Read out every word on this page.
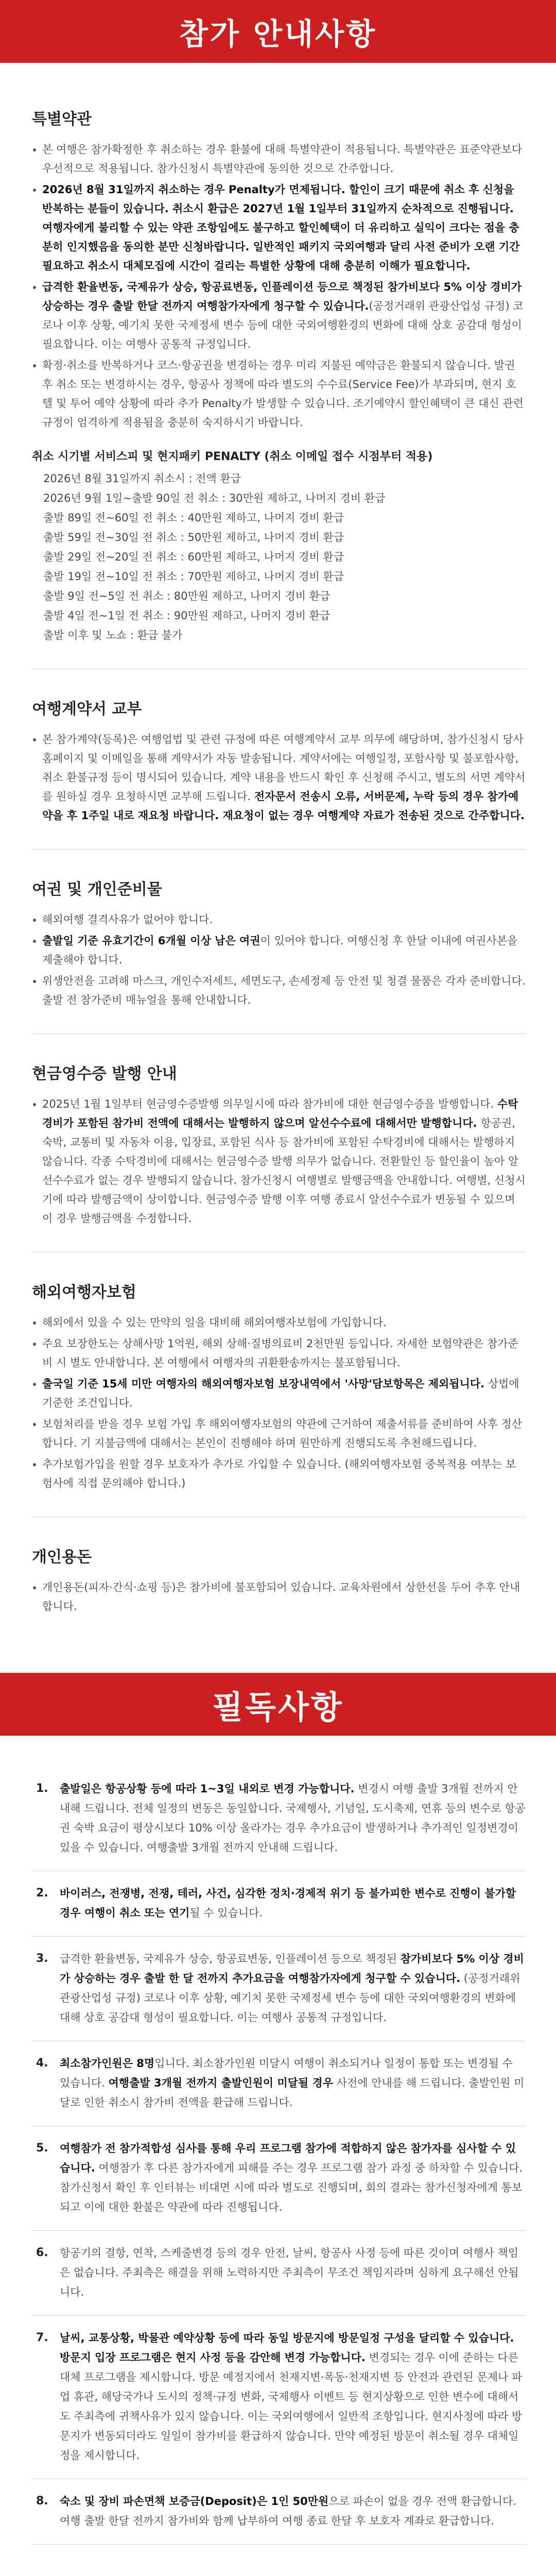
참가 안내사항
특별약관
본 여행은 참가확정한 후 취소하는 경우 환불에 대해 특별약관이 적용됩니다. 특별약관은 표준약관보다 우선적으로 적용됩니다. 참가신청시 특별약관에 동의한 것으로 간주합니다.
2026년 8월 31일까지 취소하는 경우 Penalty가 면제됩니다. 할인이 크기 때문에 취소 후 신청을 반복하는 분들이 있습니다. 취소시 환급은 2027년 1월 1일부터 31일까지 순차적으로 진행됩니다. 여행자에게 불리할 수 있는 약관 조항임에도 불구하고 할인혜택이 더 유리하고 실익이 크다는 점을 충분히 인지했음을 동의한 분만 신청바랍니다. 일반적인 패키지 국외여행과 달리 사전 준비가 오랜 기간 필요하고 취소시 대체모집에 시간이 걸리는 특별한 상황에 대해 충분히 이해가 필요합니다.
급격한 환율변동, 국제유가 상승, 항공료변동, 인플레이션 등으로 책정된 참가비보다 5% 이상 경비가 상승하는 경우 출발 한달 전까지 여행참가자에게 청구할 수 있습니다.(공정거래위 관광산업성 규정) 코로나 이후 상황, 예기치 못한 국제정세 변수 등에 대한 국외여행환경의 변화에 대해 상호 공감대 형성이 필요합니다. 이는 여행사 공통적 규정입니다.
확정·취소를 반복하거나 코스·항공권을 변경하는 경우 미리 지불된 예약금은 환불되지 않습니다. 발권 후 취소 또는 변경하시는 경우, 항공사 정책에 따라 별도의 수수료(Service Fee)가 부과되며, 현지 호텔 및 투어 예약 상황에 따라 추가 Penalty가 발생할 수 있습니다. 조기예약시 할인혜택이 큰 대신 관련 규정이 엄격하게 적용됨을 충분히 숙지하시기 바랍니다.
취소 시기별 서비스피 및 현지패키 PENALTY (취소 이메일 접수 시점부터 적용)
2026년 8월 31일까지 취소시 : 전액 환급
2026년 9월 1일~출발 90일 전 취소 : 30만원 제하고, 나머지 경비 환급
출발 89일 전~60일 전 취소 : 40만원 제하고, 나머지 경비 환급
출발 59일 전~30일 전 취소 : 50만원 제하고, 나머지 경비 환급
출발 29일 전~20일 전 취소 : 60만원 제하고, 나머지 경비 환급
출발 19일 전~10일 전 취소 : 70만원 제하고, 나머지 경비 환급
출발 9일 전~5일 전 취소 : 80만원 제하고, 나머지 경비 환급
출발 4일 전~1일 전 취소 : 90만원 제하고, 나머지 경비 환급
출발 이후 및 노쇼 : 환급 불가
여행계약서 교부
본 참가계약(등록)은 여행업법 및 관련 규정에 따른 여행계약서 교부 의무에 해당하며, 참가신청시 당사 홈페이지 및 이메일을 통해 계약서가 자동 발송됩니다. 계약서에는 여행일정, 포함사항 및 불포함사항, 취소 환불규정 등이 명시되어 있습니다. 계약 내용을 반드시 확인 후 신청해 주시고, 별도의 서면 계약서를 원하실 경우 요청하시면 교부해 드립니다. 전자문서 전송시 오류, 서버문제, 누락 등의 경우 참가예약을 후 1주일 내로 재요청 바랍니다. 재요청이 없는 경우 여행계약 자료가 전송된 것으로 간주합니다.
여권 및 개인준비물
해외여행 결격사유가 없어야 합니다.
출발일 기준 유효기간이 6개월 이상 남은 여권이 있어야 합니다. 여행신청 후 한달 이내에 여권사본을 제출해야 합니다.
위생안전을 고려해 마스크, 개인수저세트, 세면도구, 손세정제 등 안전 및 청결 물품은 각자 준비합니다. 출발 전 참가준비 매뉴얼을 통해 안내합니다.
현금영수증 발행 안내
2025년 1월 1일부터 현금영수증발행 의무일시에 따라 참가비에 대한 현금영수증을 발행합니다. 수탁경비가 포함된 참가비 전액에 대해서는 발행하지 않으며 알선수수료에 대해서만 발행합니다. 항공권, 숙박, 교통비 및 자동차 이용, 입장료, 포함된 식사 등 참가비에 포함된 수탁경비에 대해서는 발행하지 않습니다. 각종 수탁경비에 대해서는 현금영수증 발행 의무가 없습니다. 전환할인 등 할인율이 높아 알선수수료가 없는 경우 발행되지 않습니다. 참가신청시 여행별로 발행금액을 안내합니다. 여행별, 신청시기에 따라 발행금액이 상이합니다. 현금영수증 발행 이후 여행 종료시 알선수수료가 변동될 수 있으며 이 경우 발행금액을 수정합니다.
해외여행자보험
해외에서 있을 수 있는 만약의 일을 대비해 해외여행자보험에 가입합니다.
주요 보장한도는 상해사망 1억원, 해외 상해·질병의료비 2천만원 등입니다. 자세한 보험약관은 참가준비 시 별도 안내합니다. 본 여행에서 여행자의 귀환환송까지는 불포함됩니다.
출국일 기준 15세 미만 여행자의 해외여행자보험 보장내역에서 '사망'담보항목은 제외됩니다. 상법에 기준한 조건입니다.
보험처리를 받을 경우 보험 가입 후 해외여행자보험의 약관에 근거하여 제출서류를 준비하여 사후 정산합니다. 기 지불금액에 대해서는 본인이 진행해야 하며 원만하게 진행되도록 추천해드립니다.
추가보험가입을 원할 경우 보호자가 추가로 가입할 수 있습니다. (해외여행자보험 중복적용 여부는 보험사에 직접 문의해야 합니다.)
개인용돈
개인용돈(피자·간식·쇼핑 등)은 참가비에 불포함되어 있습니다. 교육차원에서 상한선을 두어 추후 안내합니다.
필독사항
1.	출발일은 항공상황 등에 따라 1~3일 내외로 변경 가능합니다. 변경시 여행 출발 3개월 전까지 안내해 드립니다. 전체 일정의 변동은 동일합니다. 국제행사, 기념일, 도시축제, 연휴 등의 변수로 항공권 숙박 요금이 평상시보다 10% 이상 올라가는 경우 추가요금이 발생하거나 추가적인 일정변경이 있을 수 있습니다. 여행출발 3개월 전까지 안내해 드립니다.
2.	바이러스, 전쟁병, 전쟁, 테러, 사건, 심각한 정치·경제적 위기 등 불가피한 변수로 진행이 불가할 경우 여행이 취소 또는 연기될 수 있습니다.
3.	급격한 환율변동, 국제유가 상승, 항공료변동, 인플레이션 등으로 책정된 참가비보다 5% 이상 경비가 상승하는 경우 출발 한 달 전까지 추가요금을 여행참가자에게 청구할 수 있습니다. (공정거래위 관광산업성 규정) 코로나 이후 상황, 예기치 못한 국제정세 변수 등에 대한 국외여행환경의 변화에 대해 상호 공감대 형성이 필요합니다. 이는 여행사 공통적 규정입니다.
4.	최소참가인원은 8명입니다. 최소참가인원 미달시 여행이 취소되거나 일정이 통합 또는 변경될 수 있습니다. 여행출발 3개월 전까지 출발인원이 미달될 경우 사전에 안내를 해 드립니다. 출발인원 미달로 인한 취소시 참가비 전액을 환급해 드립니다.
5.	여행참가 전 참가적합성 심사를 통해 우리 프로그램 참가에 적합하지 않은 참가자를 심사할 수 있습니다. 여행참가 후 다른 참가자에게 피해를 주는 경우 프로그램 참가 과정 중 하차할 수 있습니다. 참가신청서 확인 후 인터뷰는 비대면 시에 따라 별도로 진행되며, 회의 결과는 참가신청자에게 통보되고 이에 대한 환불은 약관에 따라 진행됩니다.
6.	항공기의 결항, 연착, 스케줄변경 등의 경우 안전, 날씨, 항공사 사정 등에 따른 것이며 여행사 책임은 없습니다. 주최측은 해결을 위해 노력하지만 주최측이 무조건 책임지라며 심하게 요구해선 안됩니다.
7.	날씨, 교통상황, 박물관 예약상황 등에 따라 동일 방문지에 방문일정 구성을 달리할 수 있습니다. 방문지 입장 프로그램은 현지 사정 등을 감안해 변경 가능합니다. 변경되는 경우 이에 준하는 다른 대체 프로그램을 제시합니다. 방문 예정지에서 천재지변·폭동·천재지변 등 안전과 관련된 문제나 파업 휴관, 해당국가나 도시의 정책·규정 변화, 국제행사 이벤트 등 현지상황으로 인한 변수에 대해서도 주최측에 귀책사유가 있지 않습니다. 이는 국외여행에서 일반적 조항입니다. 현지사정에 따라 방문지가 변동되더라도 일일이 참가비를 환급하지 않습니다. 만약 예정된 방문이 취소될 경우 대체일정을 제시합니다.
8.	숙소 및 장비 파손면책 보증금(Deposit)은 1인 50만원으로 파손이 없을 경우 전액 환급합니다. 여행 출발 한달 전까지 참가비와 함께 납부하여 여행 종료 한달 후 보호자 계좌로 환급합니다.
